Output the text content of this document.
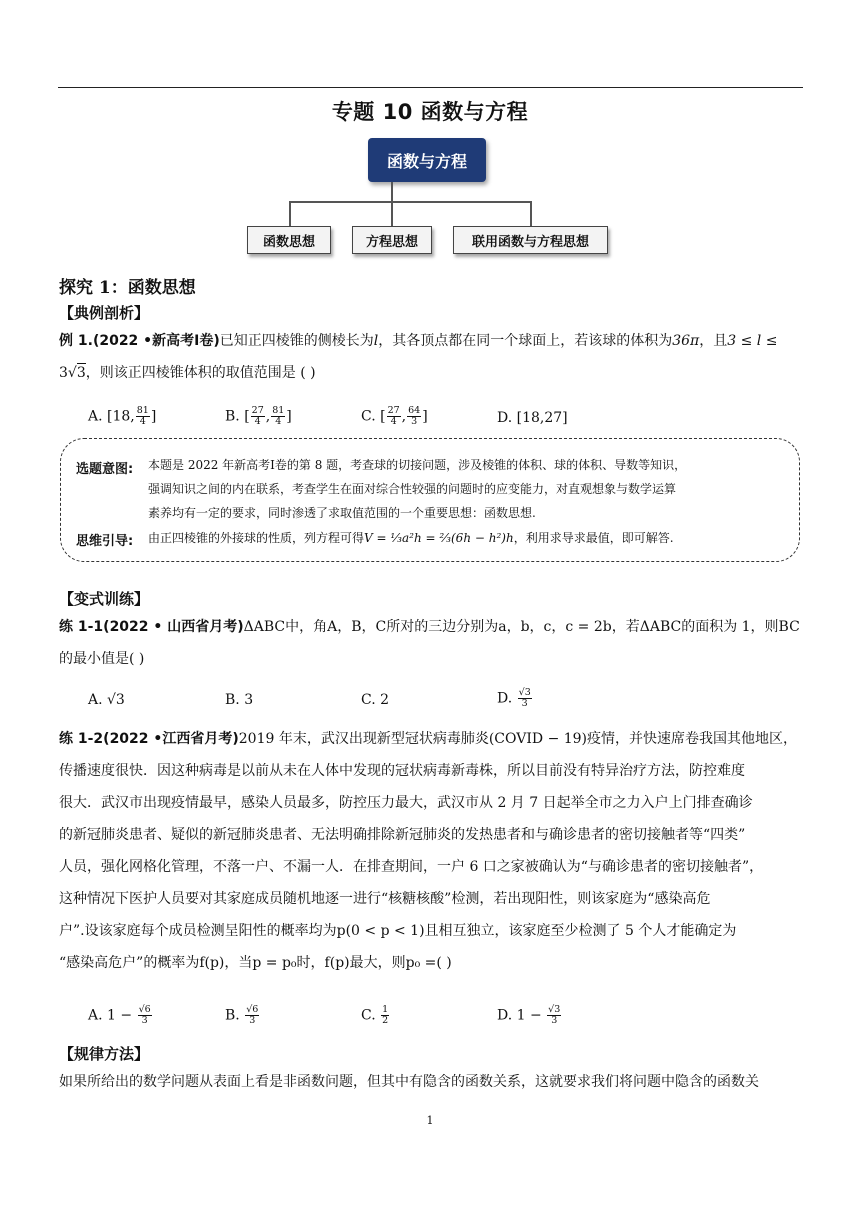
专题 10 函数与方程
函数与方程
函数思想	方程思想	联用函数与方程思想
探究 1：函数思想
【典例剖析】
例 1.(2022 •新高考Ⅰ卷)已知正四棱锥的侧棱长为l，其各顶点都在同一个球面上，若该球的体积为36π，且3 ≤ l ≤
3√3，则该正四棱锥体积的取值范围是 ( )
A. [18, $\frac{81}{4}$ ]	B. [ $\frac{27}{4}$ , $\frac{81}{4}$ ]	C. [ $\frac{27}{4}$ , $\frac{64}{3}$ ]	D. [18,27]
选题意图: 本题是 2022 年新高考Ⅰ卷的第 8 题，考查球的切接问题，涉及棱锥的体积、球的体积、导数等知识，
强调知识之间的内在联系，考查学生在面对综合性较强的问题时的应变能力，对直观想象与数学运算
素养均有一定的要求，同时渗透了求取值范围的一个重要思想：函数思想.
思维引导: 由正四棱锥的外接球的性质，列方程可得V = ⅓a²h = ⅔(6h − h²)h，利用求导求最值，即可解答.
【变式训练】
练 1-1(2022 • 山西省月考)ΔABC中，角A，B，C所对的三边分别为a，b，c，c = 2b，若ΔABC的面积为 1，则BC
的最小值是( )
A. √3	B. 3	C. 2	D. $\frac{√3}{3}$
练 1-2(2022 •江西省月考)2019 年末，武汉出现新型冠状病毒肺炎(COVID − 19)疫情，并快速席卷我国其他地区，
传播速度很快．因这种病毒是以前从未在人体中发现的冠状病毒新毒株，所以目前没有特异治疗方法，防控难度
很大．武汉市出现疫情最早，感染人员最多，防控压力最大，武汉市从 2 月 7 日起举全市之力入户上门排查确诊
的新冠肺炎患者、疑似的新冠肺炎患者、无法明确排除新冠肺炎的发热患者和与确诊患者的密切接触者等“四类”
人员，强化网格化管理，不落一户、不漏一人．在排查期间，一户 6 口之家被确认为“与确诊患者的密切接触者”，
这种情况下医护人员要对其家庭成员随机地逐一进行“核糖核酸”检测，若出现阳性，则该家庭为“感染高危
户”.设该家庭每个成员检测呈阳性的概率均为p(0 < p < 1)且相互独立，该家庭至少检测了 5 个人才能确定为
“感染高危户”的概率为f(p)，当p = p₀时，f(p)最大，则p₀ =( )
A. $1 - \frac{√6}{3}$	B. $\frac{√6}{3}$	C. $\frac{1}{2}$	D. $1 - \frac{√3}{3}$
【规律方法】
如果所给出的数学问题从表面上看是非函数问题，但其中有隐含的函数关系，这就要求我们将问题中隐含的函数关
1
